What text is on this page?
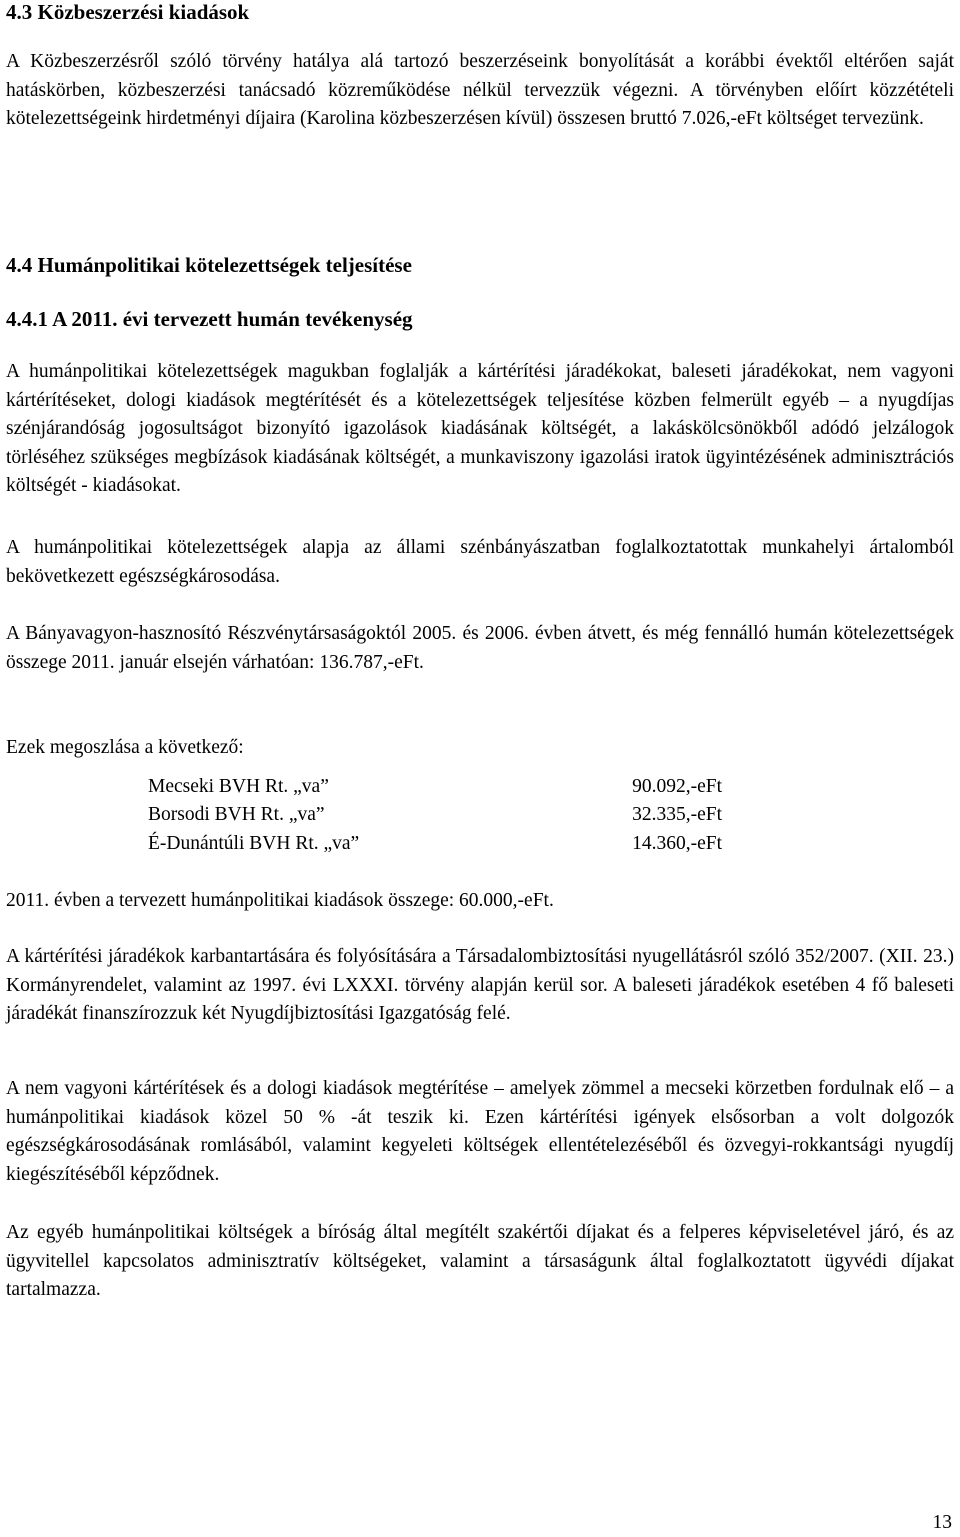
4.3 Közbeszerzési kiadások

A Közbeszerzésről szóló törvény hatálya alá tartozó beszerzéseink bonyolítását a korábbi évektől eltérően saját hatáskörben, közbeszerzési tanácsadó közreműködése nélkül tervezzük végezni. A törvényben előírt közzétételi kötelezettségeink hirdetményi díjaira (Karolina közbeszerzésen kívül) összesen bruttó 7.026,-eFt költséget tervezünk.

4.4 Humánpolitikai kötelezettségek teljesítése
4.4.1 A 2011. évi tervezett humán tevékenység

A humánpolitikai kötelezettségek magukban foglalják a kártérítési járadékokat, baleseti járadékokat, nem vagyoni kártérítéseket, dologi kiadások megtérítését és a kötelezettségek teljesítése közben felmerült egyéb – a nyugdíjas szénjárandóság jogosultságot bizonyító igazolások kiadásának költségét, a lakáskölcsönökből adódó jelzálogok törléséhez szükséges megbízások kiadásának költségét, a munkaviszony igazolási iratok ügyintézésének adminisztrációs költségét - kiadásokat.

A humánpolitikai kötelezettségek alapja az állami szénbányászatban foglalkoztatottak munkahelyi ártalomból bekövetkezett egészségkárosodása.

A Bányavagyon-hasznosító Részvénytársaságoktól 2005. és 2006. évben átvett, és még fennálló humán kötelezettségek összege 2011. január elsején várhatóan: 136.787,-eFt.

Ezek megoszlása a következő:

Mecseki BVH Rt. „va”	90.092,-eFt
Borsodi BVH Rt. „va”	32.335,-eFt
É-Dunántúli BVH Rt. „va”	14.360,-eFt

2011. évben a tervezett humánpolitikai kiadások összege: 60.000,-eFt.

A kártérítési járadékok karbantartására és folyósítására a Társadalombiztosítási nyugellátásról szóló 352/2007. (XII. 23.) Kormányrendelet, valamint az 1997. évi LXXXI. törvény alapján kerül sor. A baleseti járadékok esetében 4 fő baleseti járadékát finanszírozzuk két Nyugdíjbiztosítási Igazgatóság felé.

A nem vagyoni kártérítések és a dologi kiadások megtérítése – amelyek zömmel a mecseki körzetben fordulnak elő – a humánpolitikai kiadások közel 50 % -át teszik ki. Ezen kártérítési igények elsősorban a volt dolgozók egészségkárosodásának romlásából, valamint kegyeleti költségek ellentételezéséből és özvegyi-rokkantsági nyugdíj kiegészítéséből képződnek.

Az egyéb humánpolitikai költségek a bíróság által megítélt szakértői díjakat és a felperes képviseletével járó, és az ügyvitellel kapcsolatos adminisztratív költségeket, valamint a társaságunk által foglalkoztatott ügyvédi díjakat tartalmazza.

13
